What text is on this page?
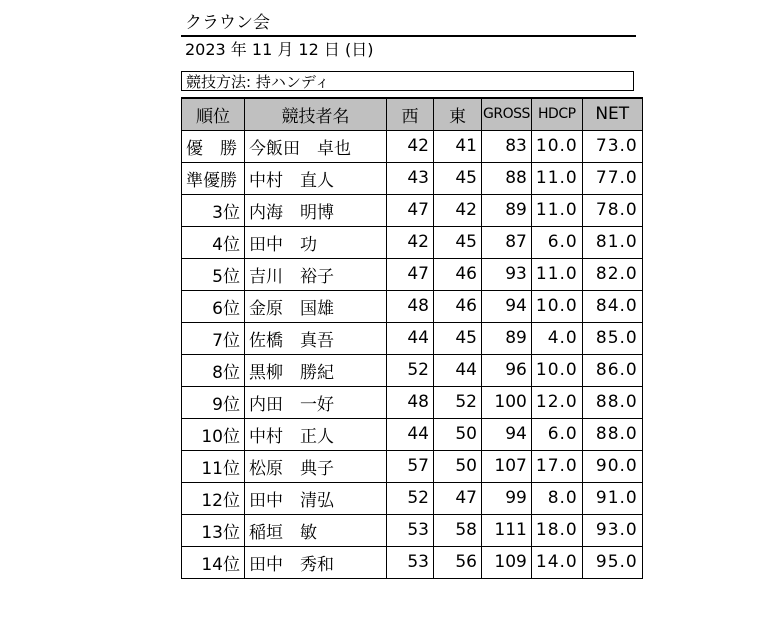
クラウン会
2023 年 11 月 12 日 (日)
競技方法: 持ハンディ
順位	競技者名	西	東	GROSS	HDCP	NET
優　勝	今飯田　卓也	42	41	83	10.0	73.0
準優勝	中村　直人	43	45	88	11.0	77.0
3位	内海　明博	47	42	89	11.0	78.0
4位	田中　功	42	45	87	6.0	81.0
5位	吉川　裕子	47	46	93	11.0	82.0
6位	金原　国雄	48	46	94	10.0	84.0
7位	佐橋　真吾	44	45	89	4.0	85.0
8位	黒柳　勝紀	52	44	96	10.0	86.0
9位	内田　一好	48	52	100	12.0	88.0
10位	中村　正人	44	50	94	6.0	88.0
11位	松原　典子	57	50	107	17.0	90.0
12位	田中　清弘	52	47	99	8.0	91.0
13位	稲垣　敏	53	58	111	18.0	93.0
14位	田中　秀和	53	56	109	14.0	95.0
